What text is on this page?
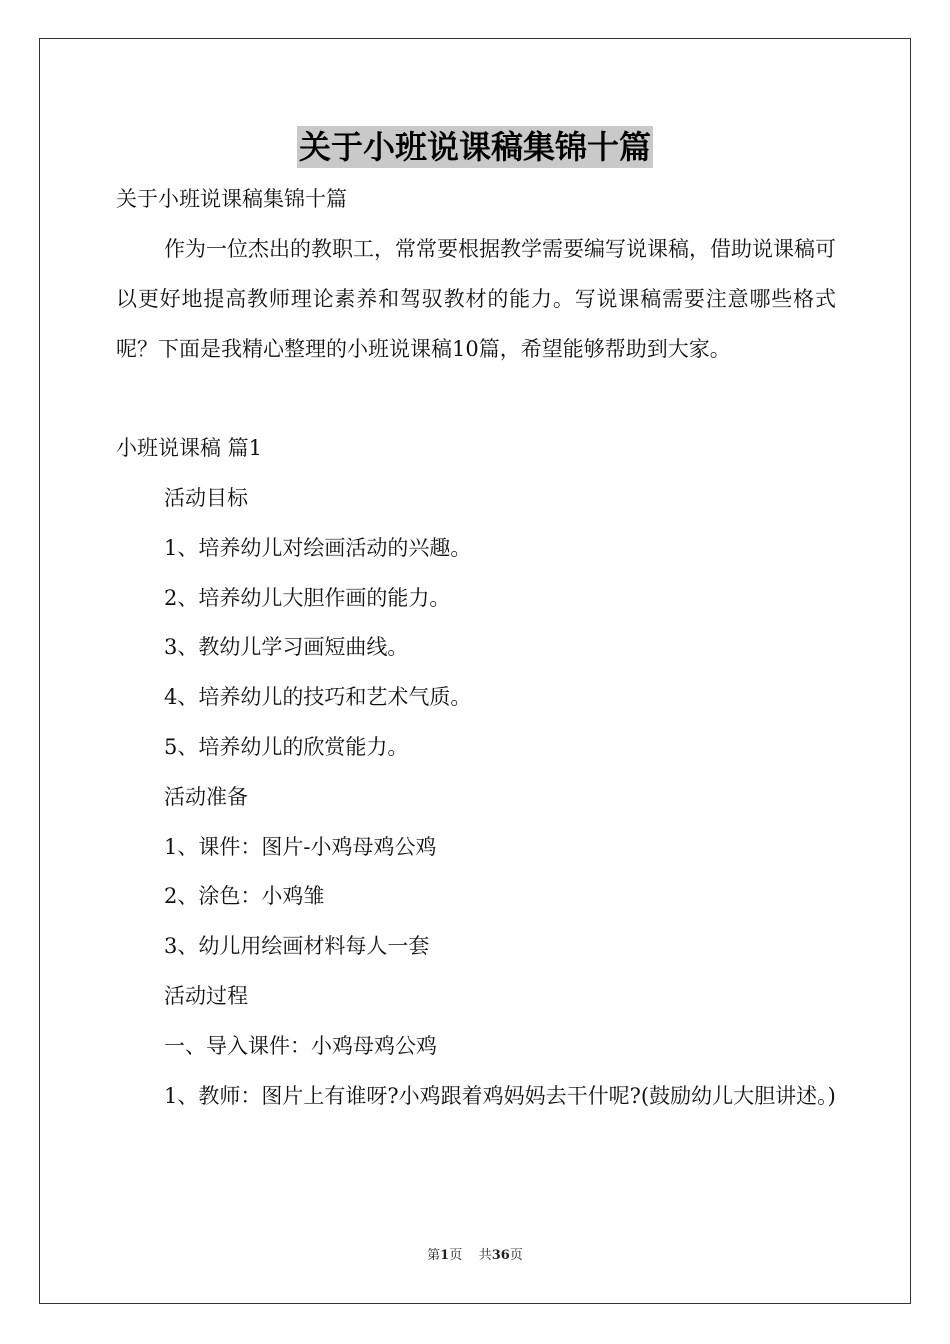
关于小班说课稿集锦十篇
关于小班说课稿集锦十篇

作为一位杰出的教职工，常常要根据教学需要编写说课稿，借助说课稿可以更好地提高教师理论素养和驾驭教材的能力。写说课稿需要注意哪些格式呢？下面是我精心整理的小班说课稿10篇，希望能够帮助到大家。

小班说课稿 篇1
活动目标
1、培养幼儿对绘画活动的兴趣。
2、培养幼儿大胆作画的能力。
3、教幼儿学习画短曲线。
4、培养幼儿的技巧和艺术气质。
5、培养幼儿的欣赏能力。
活动准备
1、课件：图片-小鸡母鸡公鸡
2、涂色：小鸡雏
3、幼儿用绘画材料每人一套
活动过程
一、导入课件：小鸡母鸡公鸡

1、教师：图片上有谁呀?小鸡跟着鸡妈妈去干什呢?(鼓励幼儿大胆讲述。)

第1页 共36页
